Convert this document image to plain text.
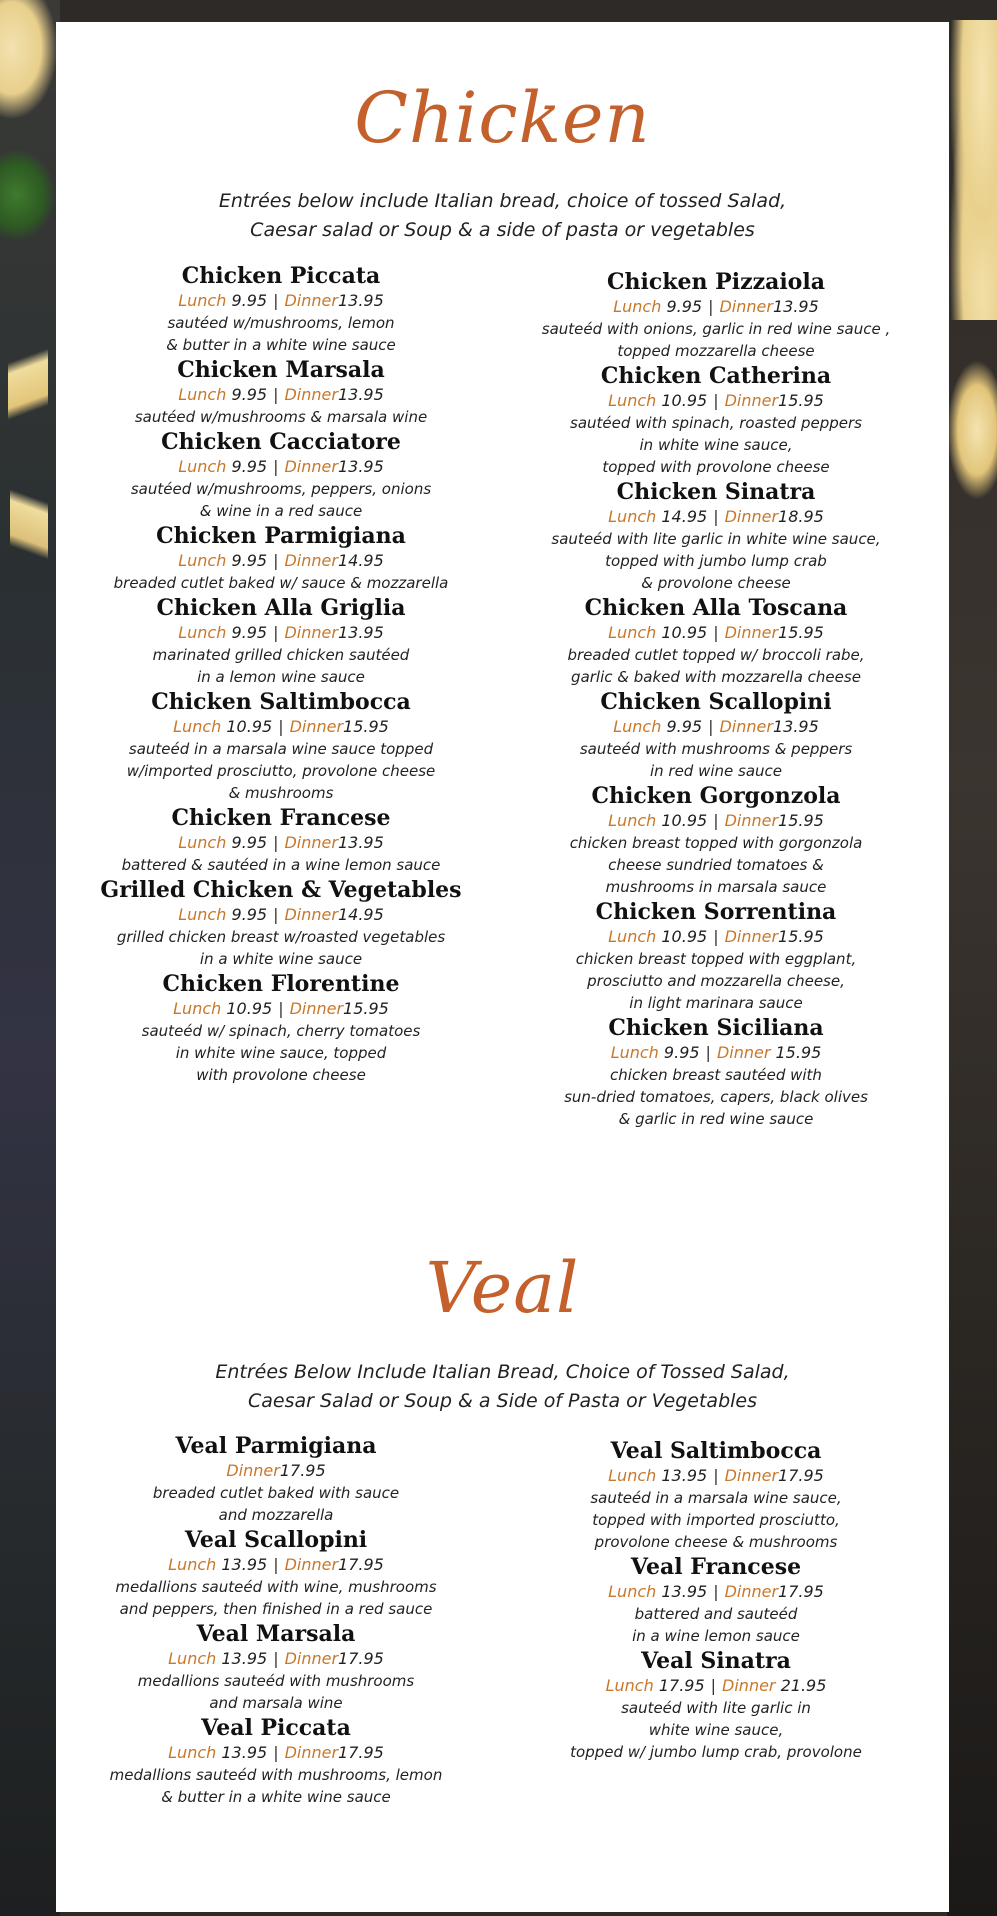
Chicken
Entrées below include Italian bread, choice of tossed Salad,
Caesar salad or Soup & a side of pasta or vegetables
Chicken Piccata
Lunch 9.95 | Dinner13.95
sautéed w/mushrooms, lemon
& butter in a white wine sauce
Chicken Marsala
Lunch 9.95 | Dinner13.95
sautéed w/mushrooms & marsala wine
Chicken Cacciatore
Lunch 9.95 | Dinner13.95
sautéed w/mushrooms, peppers, onions
& wine in a red sauce
Chicken Parmigiana
Lunch 9.95 | Dinner14.95
breaded cutlet baked w/ sauce & mozzarella
Chicken Alla Griglia
Lunch 9.95 | Dinner13.95
marinated grilled chicken sautéed
in a lemon wine sauce
Chicken Saltimbocca
Lunch 10.95 | Dinner15.95
sauteéd in a marsala wine sauce topped
w/imported prosciutto, provolone cheese
& mushrooms
Chicken Francese
Lunch 9.95 | Dinner13.95
battered & sautéed in a wine lemon sauce
Grilled Chicken & Vegetables
Lunch 9.95 | Dinner14.95
grilled chicken breast w/roasted vegetables
in a white wine sauce
Chicken Florentine
Lunch 10.95 | Dinner15.95
sauteéd w/ spinach, cherry tomatoes
in white wine sauce, topped
with provolone cheese
Chicken Pizzaiola
Lunch 9.95 | Dinner13.95
sauteéd with onions, garlic in red wine sauce ,
topped mozzarella cheese
Chicken Catherina
Lunch 10.95 | Dinner15.95
sautéed with spinach, roasted peppers
in white wine sauce,
topped with provolone cheese
Chicken Sinatra
Lunch 14.95 | Dinner18.95
sauteéd with lite garlic in white wine sauce,
topped with jumbo lump crab
& provolone cheese
Chicken Alla Toscana
Lunch 10.95 | Dinner15.95
breaded cutlet topped w/ broccoli rabe,
garlic & baked with mozzarella cheese
Chicken Scallopini
Lunch 9.95 | Dinner13.95
sauteéd with mushrooms & peppers
in red wine sauce
Chicken Gorgonzola
Lunch 10.95 | Dinner15.95
chicken breast topped with gorgonzola
cheese sundried tomatoes &
mushrooms in marsala sauce
Chicken Sorrentina
Lunch 10.95 | Dinner15.95
chicken breast topped with eggplant,
prosciutto and mozzarella cheese,
in light marinara sauce
Chicken Siciliana
Lunch 9.95 | Dinner 15.95
chicken breast sautéed with
sun-dried tomatoes, capers, black olives
& garlic in red wine sauce
Veal
Entrées Below Include Italian Bread, Choice of Tossed Salad,
Caesar Salad or Soup & a Side of Pasta or Vegetables
Veal Parmigiana
Dinner17.95
breaded cutlet baked with sauce
and mozzarella
Veal Scallopini
Lunch 13.95 | Dinner17.95
medallions sauteéd with wine, mushrooms
and peppers, then finished in a red sauce
Veal Marsala
Lunch 13.95 | Dinner17.95
medallions sauteéd with mushrooms
and marsala wine
Veal Piccata
Lunch 13.95 | Dinner17.95
medallions sauteéd with mushrooms, lemon
& butter in a white wine sauce
Veal Saltimbocca
Lunch 13.95 | Dinner17.95
sauteéd in a marsala wine sauce,
topped with imported prosciutto,
provolone cheese & mushrooms
Veal Francese
Lunch 13.95 | Dinner17.95
battered and sauteéd
in a wine lemon sauce
Veal Sinatra
Lunch 17.95 | Dinner 21.95
sauteéd with lite garlic in
white wine sauce,
topped w/ jumbo lump crab, provolone
